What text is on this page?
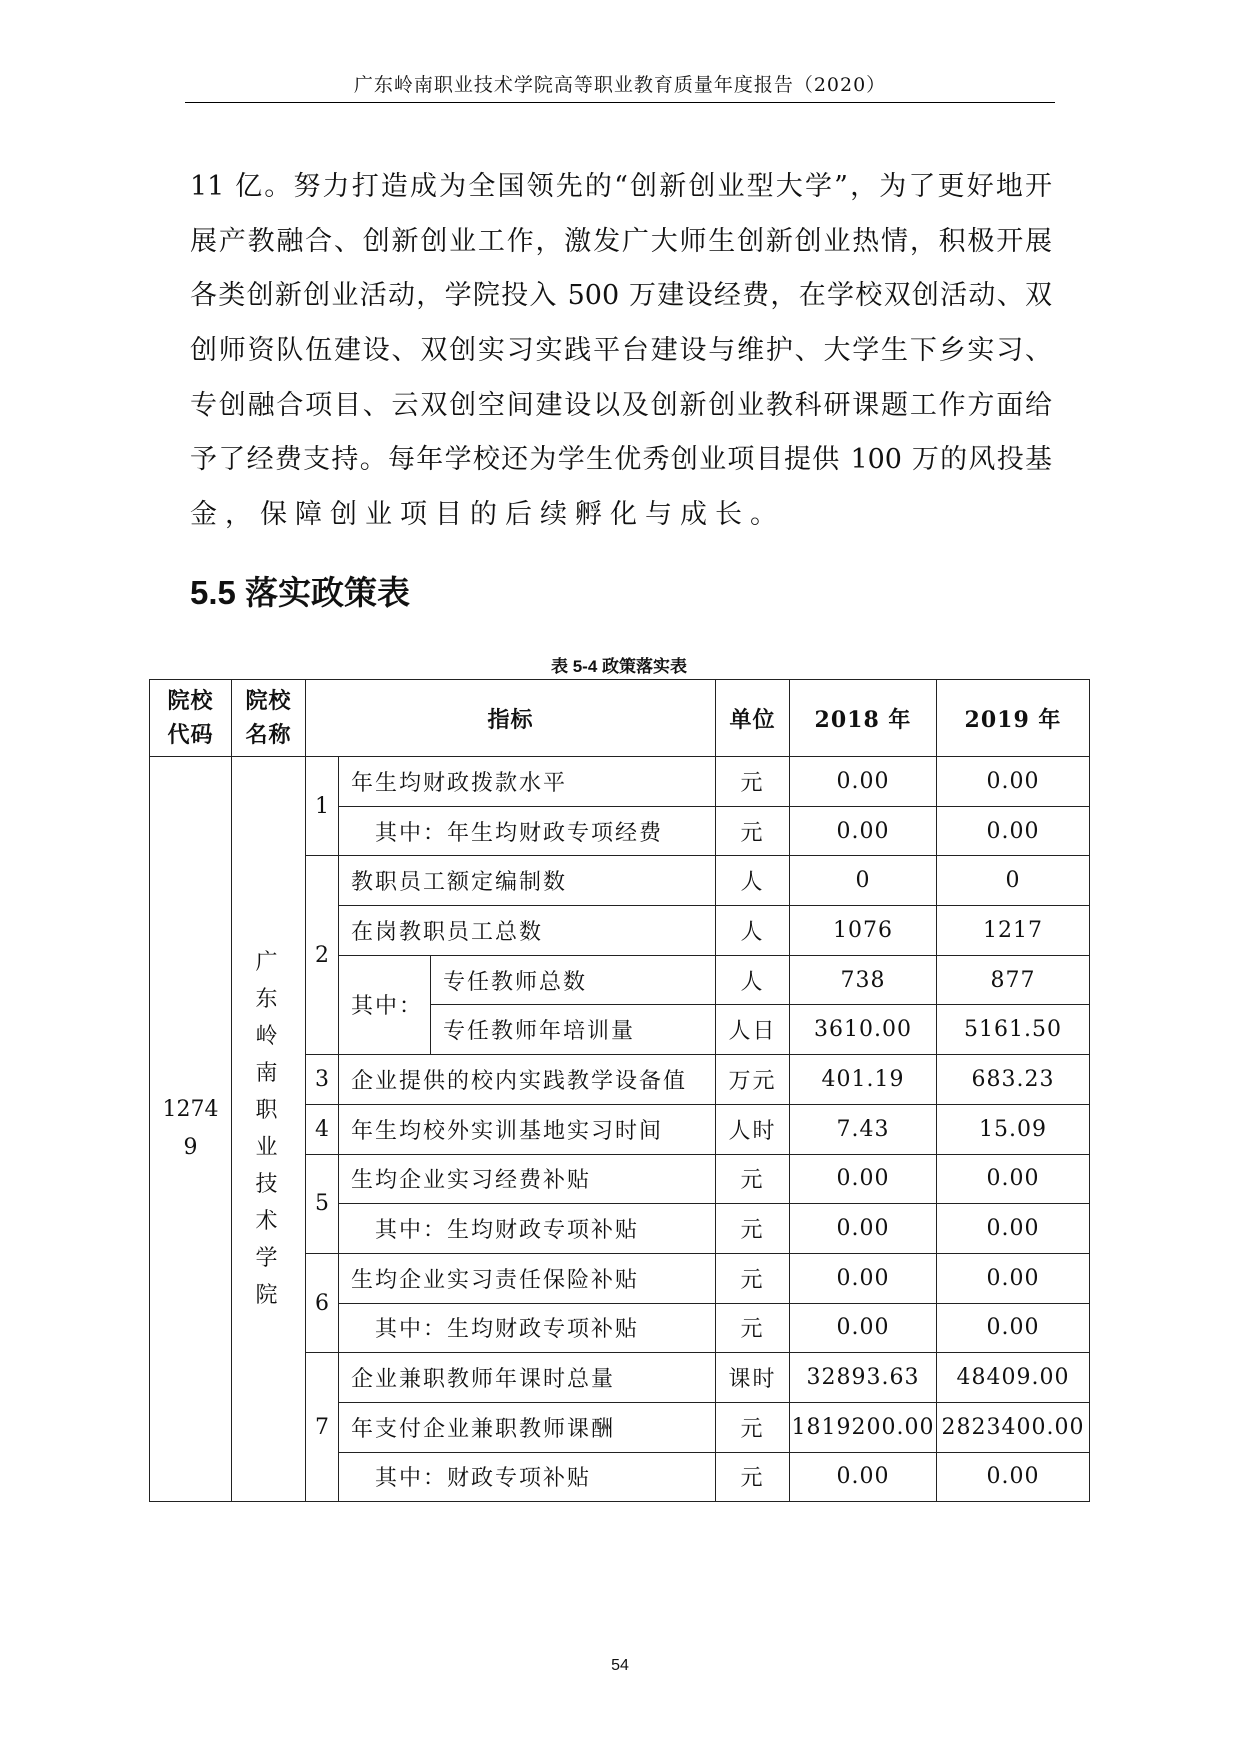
广东岭南职业技术学院高等职业教育质量年度报告（2020）
11 亿。努力打造成为全国领先的“创新创业型大学”，为了更好地开
展产教融合、创新创业工作，激发广大师生创新创业热情，积极开展
各类创新创业活动，学院投入 500 万建设经费，在学校双创活动、双
创师资队伍建设、双创实习实践平台建设与维护、大学生下乡实习、
专创融合项目、云双创空间建设以及创新创业教科研课题工作方面给
予了经费支持。每年学校还为学生优秀创业项目提供 100 万的风投基
金，保障创业项目的后续孵化与成长。
5.5 落实政策表
表 5-4 政策落实表
院校代码	院校名称	指标			单位	2018 年	2019 年

12749	广东岭南职业技术学院	1	年生均财政拨款水平		元	0.00	0.00
			其中：年生均财政专项经费		元	0.00	0.00
		2	教职员工额定编制数		人	0	0
			在岗教职员工总数		人	1076	1217
			其中：	专任教师总数	人	738	877
				专任教师年培训量	人日	3610.00	5161.50
		3	企业提供的校内实践教学设备值		万元	401.19	683.23
		4	年生均校外实训基地实习时间		人时	7.43	15.09
		5	生均企业实习经费补贴		元	0.00	0.00
			其中：生均财政专项补贴		元	0.00	0.00
		6	生均企业实习责任保险补贴		元	0.00	0.00
			其中：生均财政专项补贴		元	0.00	0.00
		7	企业兼职教师年课时总量		课时	32893.63	48409.00
			年支付企业兼职教师课酬		元	1819200.00	2823400.00
			其中：财政专项补贴		元	0.00	0.00
54
